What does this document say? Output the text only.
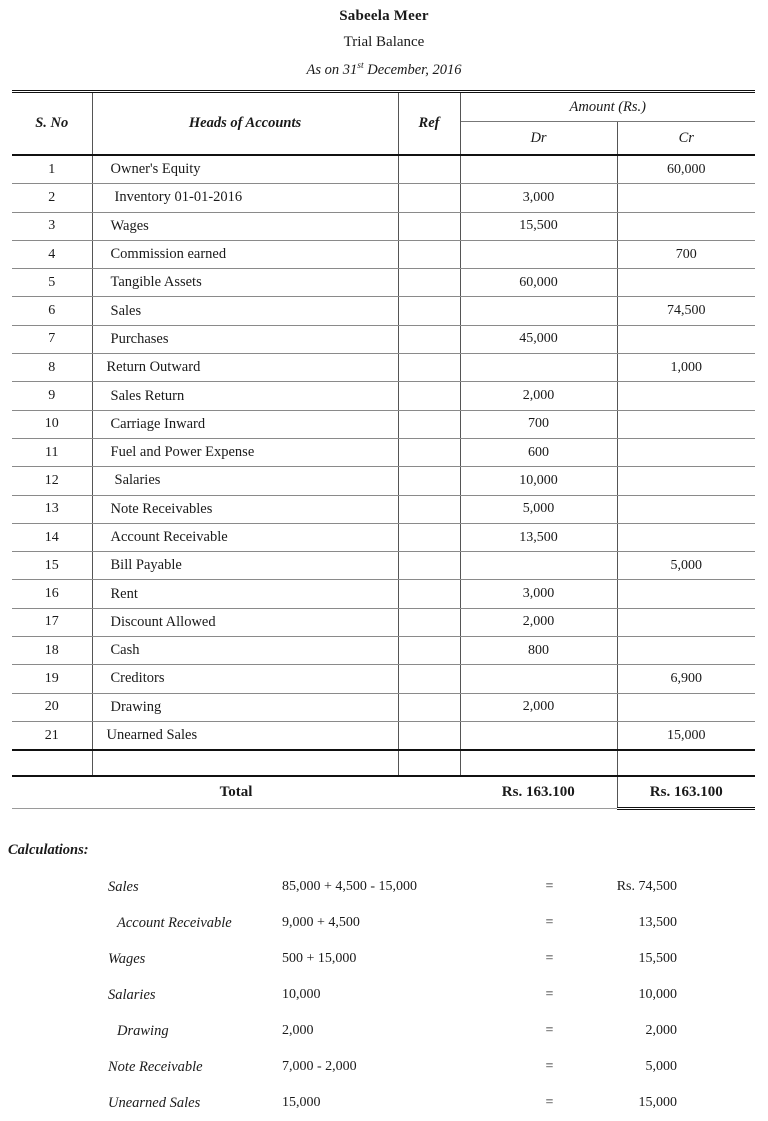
Sabeela Meer
Trial Balance
As on 31st December, 2016
S. No	Heads of Accounts	Ref	Amount (Rs.)	
			Dr	Cr

1	Owner's Equity			60,000
2	Inventory 01-01-2016		3,000	
3	Wages		15,500	
4	Commission earned			700
5	Tangible Assets		60,000	
6	Sales			74,500
7	Purchases		45,000	
8	Return Outward			1,000
9	Sales Return		2,000	
10	Carriage Inward		700	
11	Fuel and Power Expense		600	
12	Salaries		10,000	
13	Note Receivables		5,000	
14	Account Receivable		13,500	
15	Bill Payable			5,000
16	Rent		3,000	
17	Discount Allowed		2,000	
18	Cash		800	
19	Creditors			6,900
20	Drawing		2,000	
21	Unearned Sales			15,000

Total			Rs. 163.100	Rs. 163.100
Calculations:
Sales	85,000 + 4,500 - 15,000	=	Rs. 74,500
Account Receivable	9,000 + 4,500	=	13,500
Wages	500 + 15,000	=	15,500
Salaries	10,000	=	10,000
Drawing	2,000	=	2,000
Note Receivable	7,000 - 2,000	=	5,000
Unearned Sales	15,000	=	15,000
